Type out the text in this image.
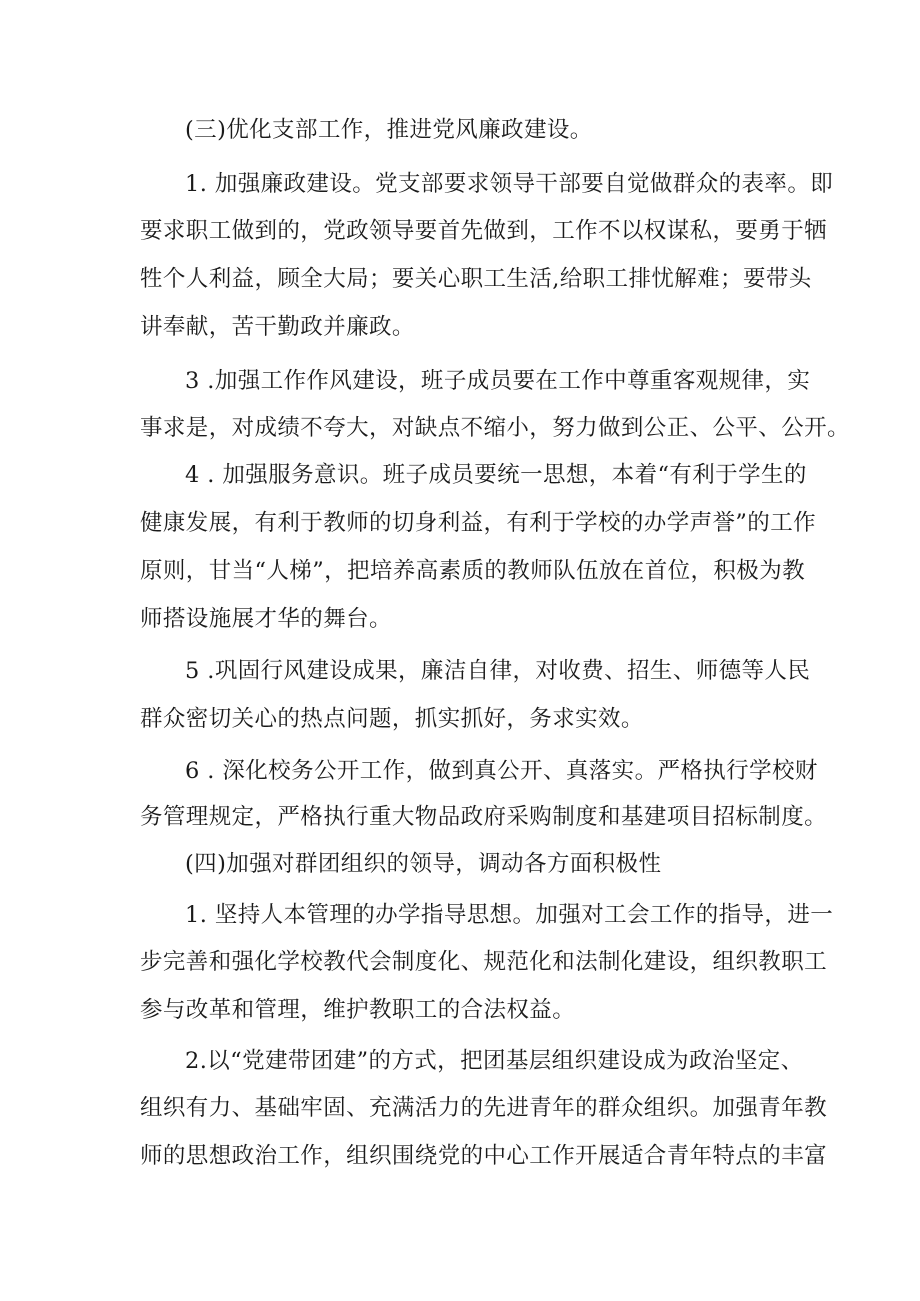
(三)优化支部工作，推进党风廉政建设。
1. 加强廉政建设。党支部要求领导干部要自觉做群众的表率。即
要求职工做到的，党政领导要首先做到，工作不以权谋私，要勇于牺
牲个人利益，顾全大局；要关心职工生活,给职工排忧解难；要带头
讲奉献，苦干勤政并廉政。
3 .加强工作作风建设，班子成员要在工作中尊重客观规律，实
事求是，对成绩不夸大，对缺点不缩小，努力做到公正、公平、公开。
4 . 加强服务意识。班子成员要统一思想，本着“有利于学生的
健康发展，有利于教师的切身利益，有利于学校的办学声誉”的工作
原则，甘当“人梯”，把培养高素质的教师队伍放在首位，积极为教
师搭设施展才华的舞台。
5 .巩固行风建设成果，廉洁自律，对收费、招生、师德等人民
群众密切关心的热点问题，抓实抓好，务求实效。
6 . 深化校务公开工作，做到真公开、真落实。严格执行学校财
务管理规定，严格执行重大物品政府采购制度和基建项目招标制度。
(四)加强对群团组织的领导，调动各方面积极性
1. 坚持人本管理的办学指导思想。加强对工会工作的指导，进一
步完善和强化学校教代会制度化、规范化和法制化建设，组织教职工
参与改革和管理，维护教职工的合法权益。
2.以“党建带团建”的方式，把团基层组织建设成为政治坚定、
组织有力、基础牢固、充满活力的先进青年的群众组织。加强青年教
师的思想政治工作，组织围绕党的中心工作开展适合青年特点的丰富
